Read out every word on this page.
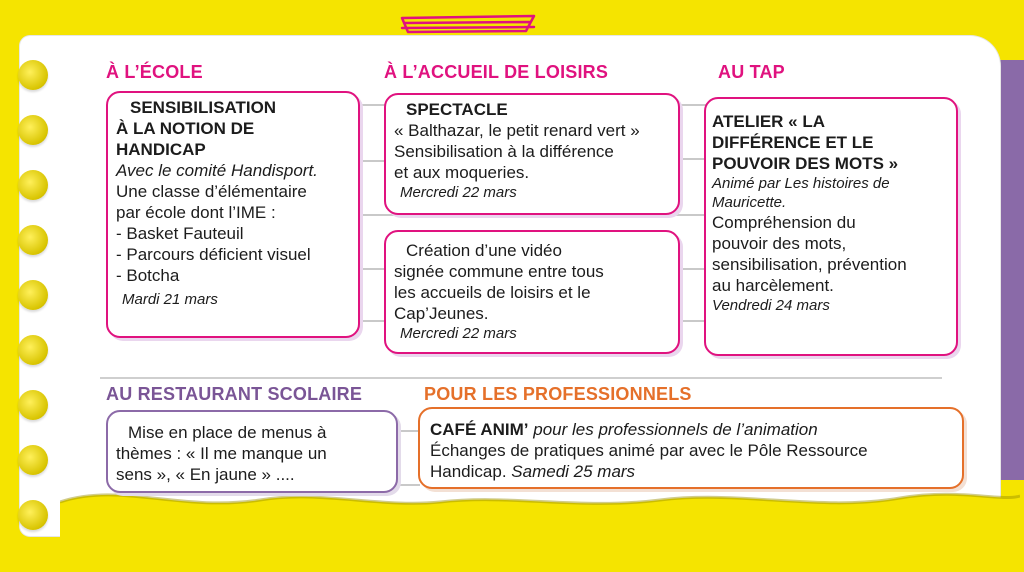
À L’ÉCOLE	À L’ACCUEIL DE LOISIRS	AU TAP
AU RESTAURANT SCOLAIRE	POUR LES PROFESSIONNELS
SENSIBILISATION
À LA NOTION DE
HANDICAP
Avec le comité Handisport.
Une classe d’élémentaire
par école dont l’IME :
- Basket Fauteuil
- Parcours déficient visuel
- Botcha
Mardi 21 mars
SPECTACLE
« Balthazar, le petit renard vert »
Sensibilisation à la différence
et aux moqueries.
Mercredi 22 mars
Création d’une vidéo
signée commune entre tous
les accueils de loisirs et le
Cap’Jeunes.
Mercredi 22 mars
ATELIER « LA
DIFFÉRENCE ET LE
POUVOIR DES MOTS »
Animé par Les histoires de
Mauricette.
Compréhension du
pouvoir des mots,
sensibilisation, prévention
au harcèlement.
Vendredi 24 mars
Mise en place de menus à
thèmes : « Il me manque un
sens », « En jaune » ....
CAFÉ ANIM’ pour les professionnels de l’animation
Échanges de pratiques animé par avec le Pôle Ressource
Handicap. Samedi 25 mars
